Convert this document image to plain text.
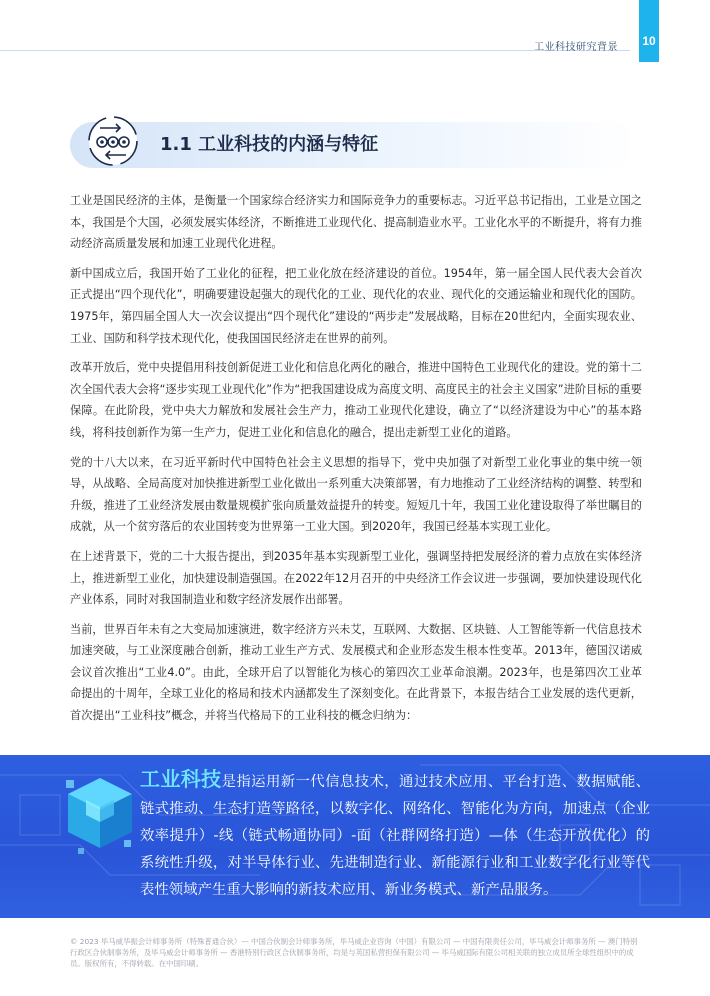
工业科技研究背景 10
1.1 工业科技的内涵与特征

工业是国民经济的主体，是衡量一个国家综合经济实力和国际竞争力的重要标志。习近平总书记指出，工业是立国之本，我国是个大国，必须发展实体经济，不断推进工业现代化、提高制造业水平。工业化水平的不断提升，将有力推动经济高质量发展和加速工业现代化进程。

新中国成立后，我国开始了工业化的征程，把工业化放在经济建设的首位。1954年，第一届全国人民代表大会首次正式提出“四个现代化”，明确要建设起强大的现代化的工业、现代化的农业、现代化的交通运输业和现代化的国防。1975年，第四届全国人大一次会议提出“四个现代化”建设的“两步走”发展战略，目标在20世纪内，全面实现农业、工业、国防和科学技术现代化，使我国国民经济走在世界的前列。

改革开放后，党中央提倡用科技创新促进工业化和信息化两化的融合，推进中国特色工业现代化的建设。党的第十二次全国代表大会将“逐步实现工业现代化”作为“把我国建设成为高度文明、高度民主的社会主义国家”进阶目标的重要保障。在此阶段，党中央大力解放和发展社会生产力，推动工业现代化建设，确立了“以经济建设为中心”的基本路线，将科技创新作为第一生产力，促进工业化和信息化的融合，提出走新型工业化的道路。

党的十八大以来，在习近平新时代中国特色社会主义思想的指导下，党中央加强了对新型工业化事业的集中统一领导，从战略、全局高度对加快推进新型工业化做出一系列重大决策部署，有力地推动了工业经济结构的调整、转型和升级，推进了工业经济发展由数量规模扩张向质量效益提升的转变。短短几十年，我国工业化建设取得了举世瞩目的成就，从一个贫穷落后的农业国转变为世界第一工业大国。到2020年，我国已经基本实现工业化。

在上述背景下，党的二十大报告提出，到2035年基本实现新型工业化，强调坚持把发展经济的着力点放在实体经济上，推进新型工业化，加快建设制造强国。在2022年12月召开的中央经济工作会议进一步强调，要加快建设现代化产业体系，同时对我国制造业和数字经济发展作出部署。

当前，世界百年未有之大变局加速演进，数字经济方兴未艾，互联网、大数据、区块链、人工智能等新一代信息技术加速突破，与工业深度融合创新，推动工业生产方式、发展模式和企业形态发生根本性变革。2013年，德国汉诺威会议首次推出“工业4.0”。由此，全球开启了以智能化为核心的第四次工业革命浪潮。2023年，也是第四次工业革命提出的十周年，全球工业化的格局和技术内涵都发生了深刻变化。在此背景下，本报告结合工业发展的迭代更新，首次提出“工业科技”概念，并将当代格局下的工业科技的概念归纳为：

工业科技是指运用新一代信息技术，通过技术应用、平台打造、数据赋能、链式推动、生态打造等路径，以数字化、网络化、智能化为方向，加速点（企业效率提升）-线（链式畅通协同）-面（社群网络打造）—体（生态开放优化）的系统性升级，对半导体行业、先进制造行业、新能源行业和工业数字化行业等代表性领域产生重大影响的新技术应用、新业务模式、新产品服务。
© 2023 毕马威华振会计师事务所（特殊普通合伙）— 中国合伙制会计师事务所，毕马威企业咨询（中国）有限公司 — 中国有限责任公司，毕马威会计师事务所 — 澳门特别行政区合伙制事务所，及毕马威会计师事务所 — 香港特别行政区合伙制事务所，均是与英国私营担保有限公司 — 毕马威国际有限公司相关联的独立成员所全球性组织中的成员。版权所有，不得转载。在中国印刷。
